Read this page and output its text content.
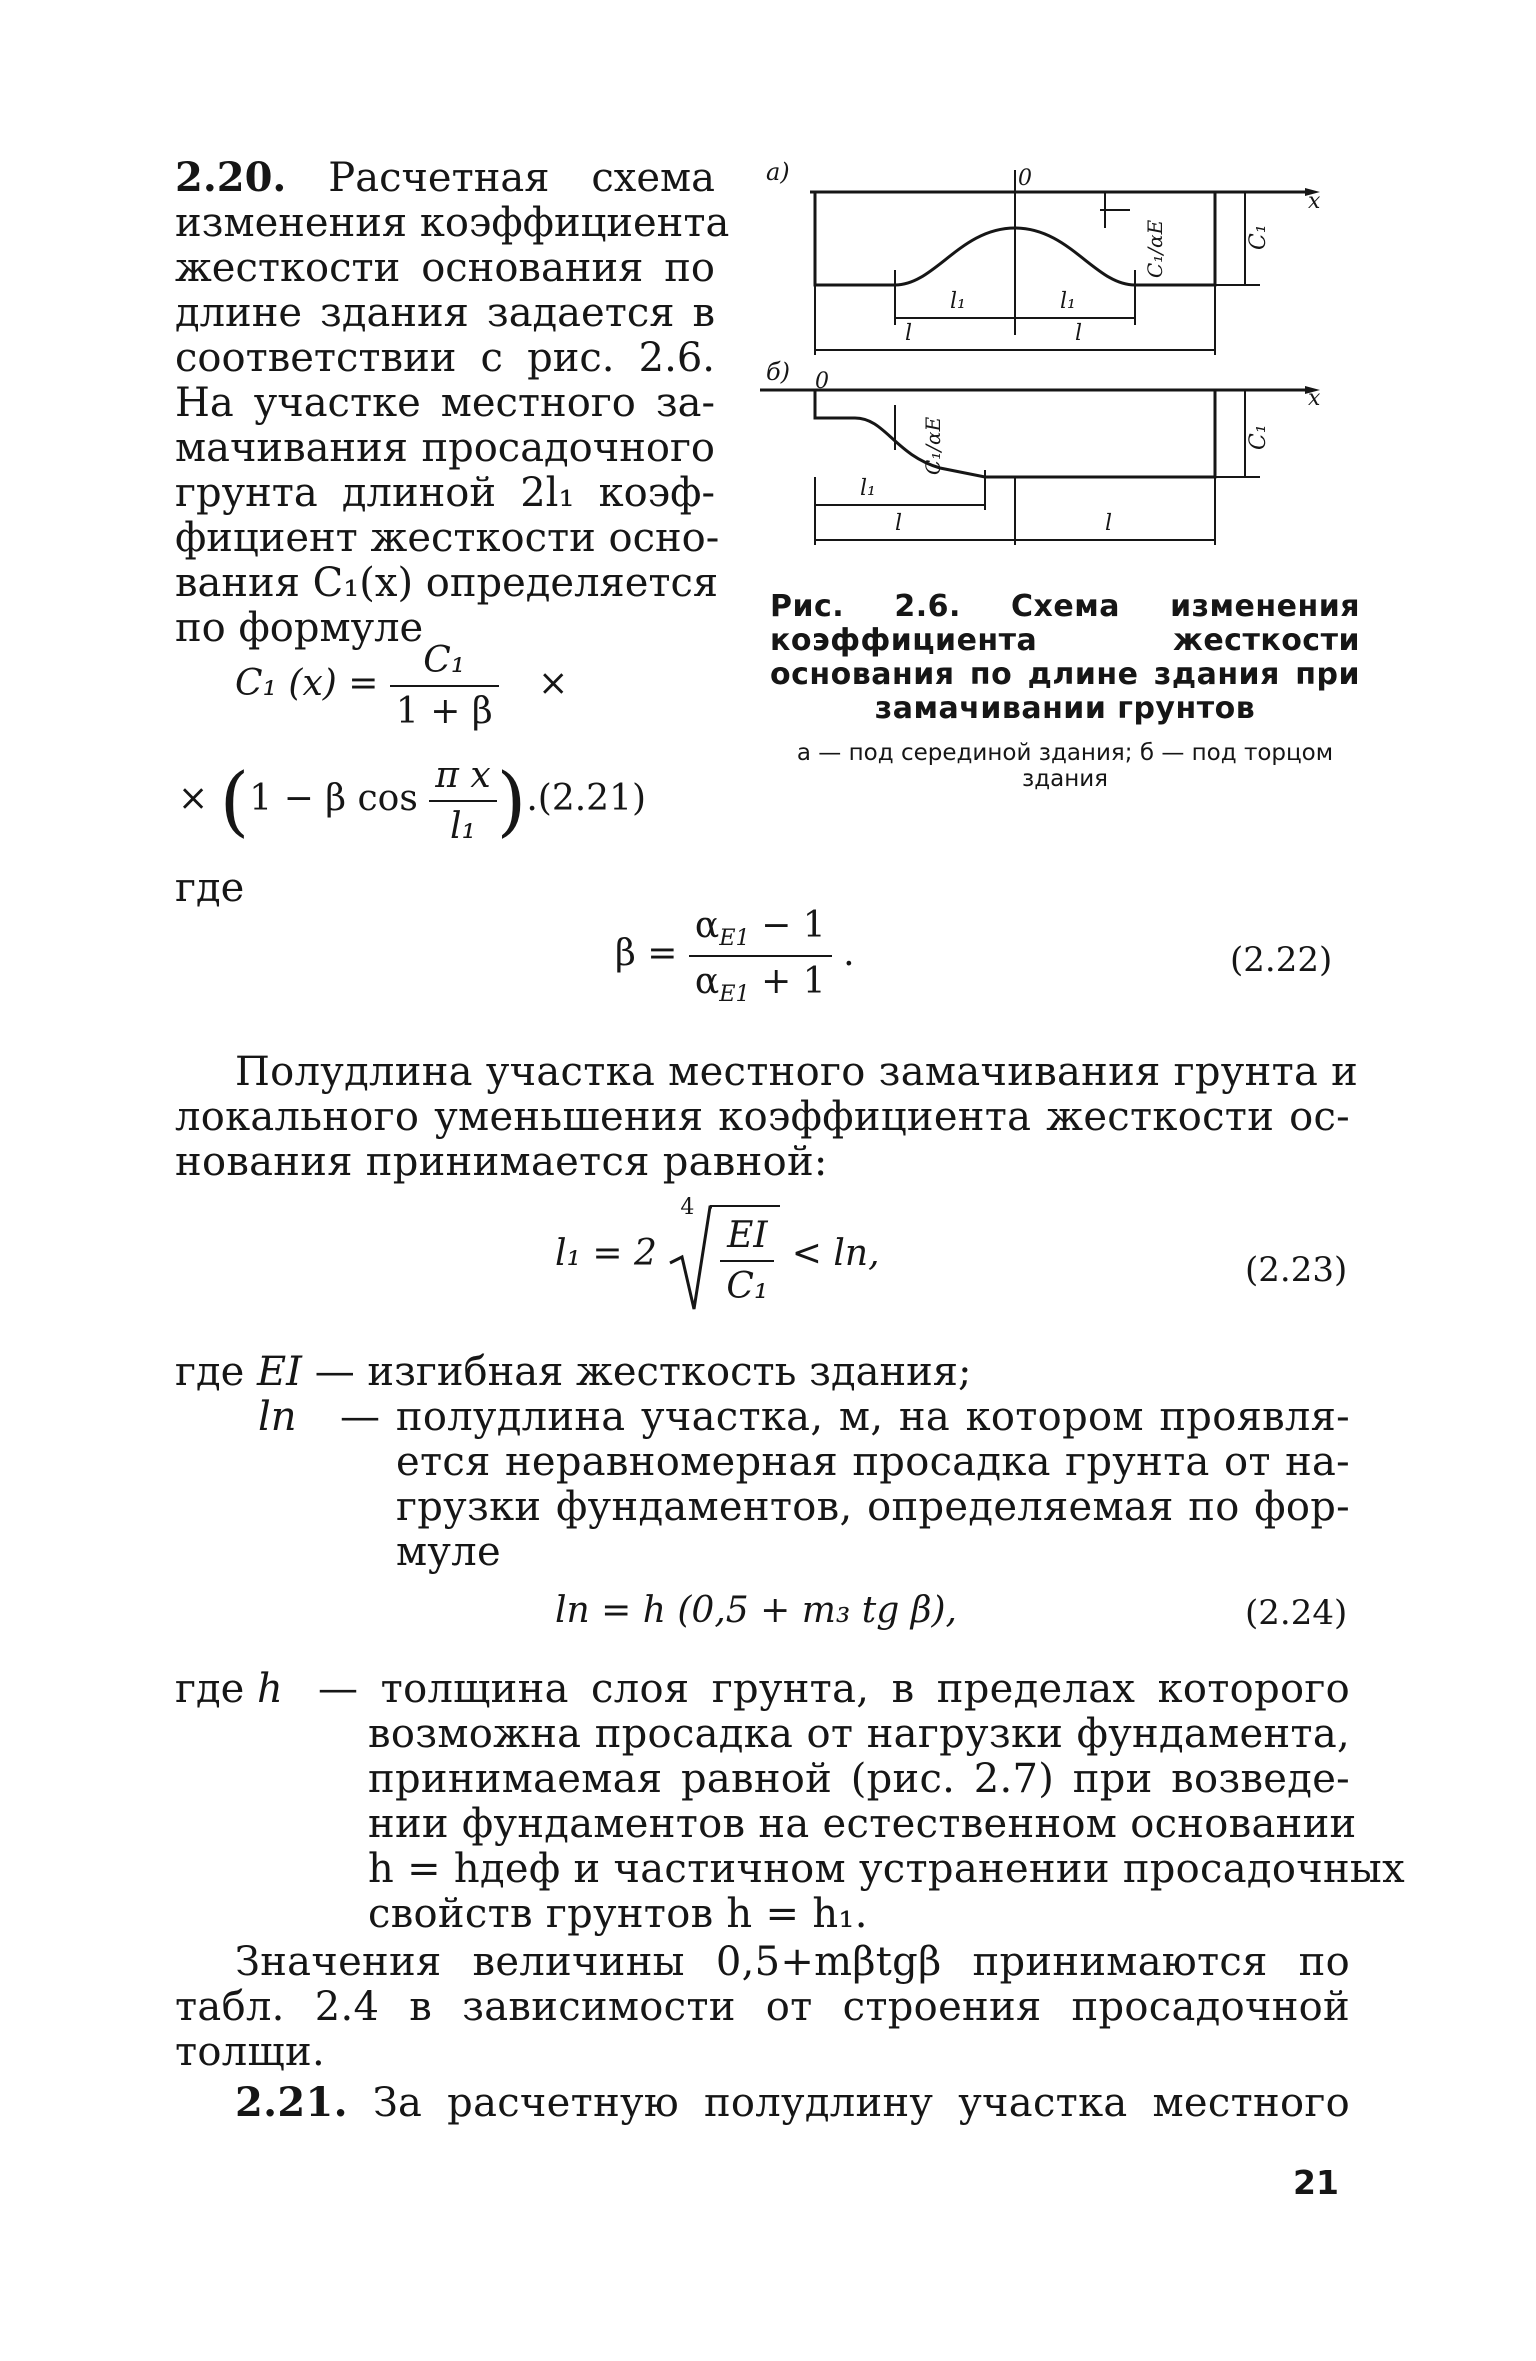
2.20. Расчетная схема
изменения коэффициента
жесткости основания по
длине здания задается в
соответствии с рис. 2.6.
На участке местного за-
мачивания просадочного
грунта длиной 2l₁ коэф-
фициент жесткости осно-
вания C₁(x) определяется
по формуле
C₁ $(x) = \frac{\text{C₁}}{1 + \beta}$ ×
× (1 − β $\cos \frac{\text{π x}}{\text{l₁}} ).(2.21)$
а)
x
0
C₁
C₁/αE
l₁	l₁
l	l
б) 0
x
C₁
C₁/αE
l₁
l	l
Рис. 2.6. Схема изменения коэффициента жесткости основания по длине здания при замачивании грунтов
а — под серединой здания; б — под торцом здания
где
$\beta = \frac{\alpha_{E1} - 1}{\alpha_{E1} + 1}$ .	(2.22)
Полудлина участка местного замачивания грунта и
локального уменьшения коэффициента жесткости ос-
нования принимается равной:
l₁ = 2
4
$\frac{EI}{\text{C₁}}$ < lп,	(2.23)
где EI — изгибная жесткость здания;
lп — полудлина участка, м, на котором проявля-
ется неравномерная просадка грунта от на-
грузки фундаментов, определяемая по фор-
муле
lп = h (0,5 + m₃ tg β),	(2.24)
где h — толщина слоя грунта, в пределах которого
возможна просадка от нагрузки фундамента,
принимаемая равной (рис. 2.7) при возведе-
нии фундаментов на естественном основании
h = hдеф и частичном устранении просадочных
свойств грунтов h = h₁.
Значения величины 0,5+mβtgβ принимаются по
табл. 2.4 в зависимости от строения просадочной
толщи.
2.21. За расчетную полудлину участка местного
21
